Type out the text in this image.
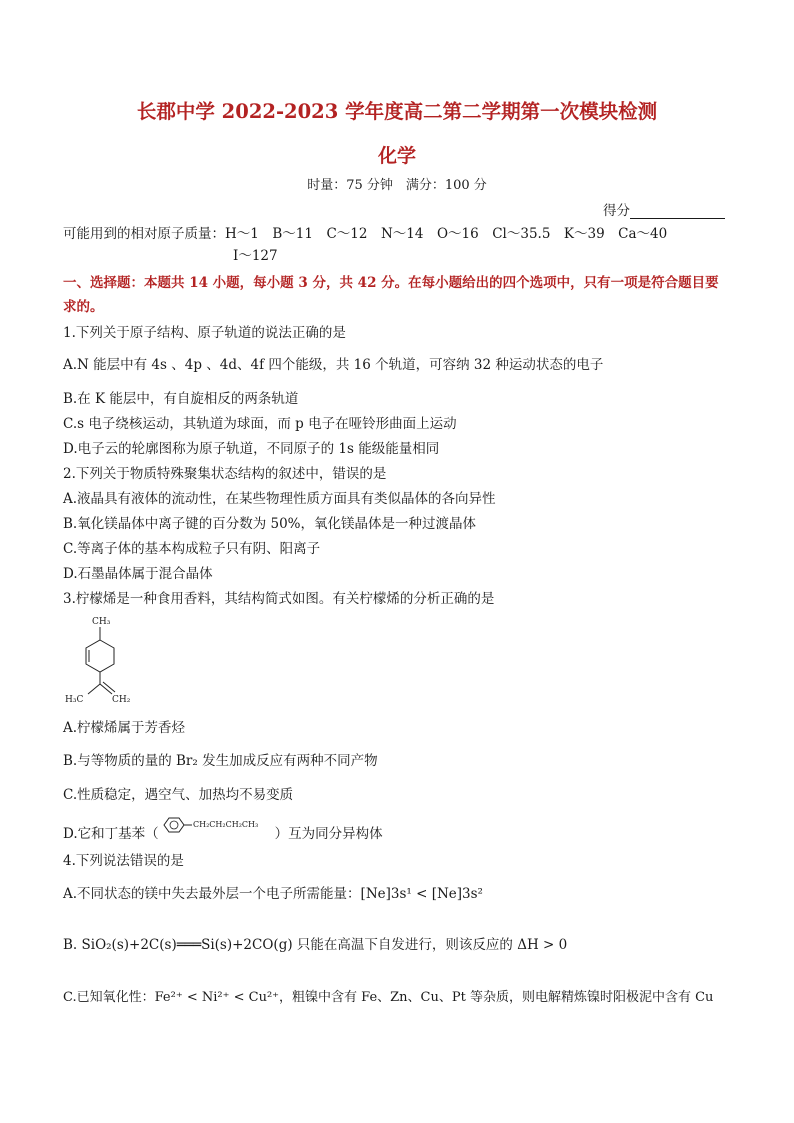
长郡中学 2022-2023 学年度高二第二学期第一次模块检测
化学
时量：75 分钟　满分：100 分
得分
可能用到的相对原子质量：H～1　B～11　C～12　N～14　O～16　Cl～35.5　K～39　Ca～40
I～127
一、选择题：本题共 14 小题，每小题 3 分，共 42 分。在每小题给出的四个选项中，只有一项是符合题目要
求的。
1.下列关于原子结构、原子轨道的说法正确的是
A.N 能层中有 4s 、4p 、4d、4f 四个能级，共 16 个轨道，可容纳 32 种运动状态的电子
B.在 K 能层中，有自旋相反的两条轨道
C.s 电子绕核运动，其轨道为球面，而 p 电子在哑铃形曲面上运动
D.电子云的轮廓图称为原子轨道，不同原子的 1s 能级能量相同
2.下列关于物质特殊聚集状态结构的叙述中，错误的是
A.液晶具有液体的流动性，在某些物理性质方面具有类似晶体的各向异性
B.氧化镁晶体中离子键的百分数为 50%，氧化镁晶体是一种过渡晶体
C.等离子体的基本构成粒子只有阴、阳离子
D.石墨晶体属于混合晶体
3.柠檬烯是一种食用香料，其结构简式如图。有关柠檬烯的分析正确的是
CH₃
H₃C	CH₂
A.柠檬烯属于芳香烃
B.与等物质的量的 Br₂ 发生加成反应有两种不同产物
C.性质稳定，遇空气、加热均不易变质
D.它和丁基苯（	）互为同分异构体
CH₂CH₂CH₂CH₃
4.下列说法错误的是
A.不同状态的镁中失去最外层一个电子所需能量：[Ne]3s¹ < [Ne]3s²
B. SiO₂(s)+2C(s)═══Si(s)+2CO(g) 只能在高温下自发进行，则该反应的 ΔH > 0
C.已知氧化性：Fe²⁺ < Ni²⁺ < Cu²⁺，粗镍中含有 Fe、Zn、Cu、Pt 等杂质，则电解精炼镍时阳极泥中含有 Cu
